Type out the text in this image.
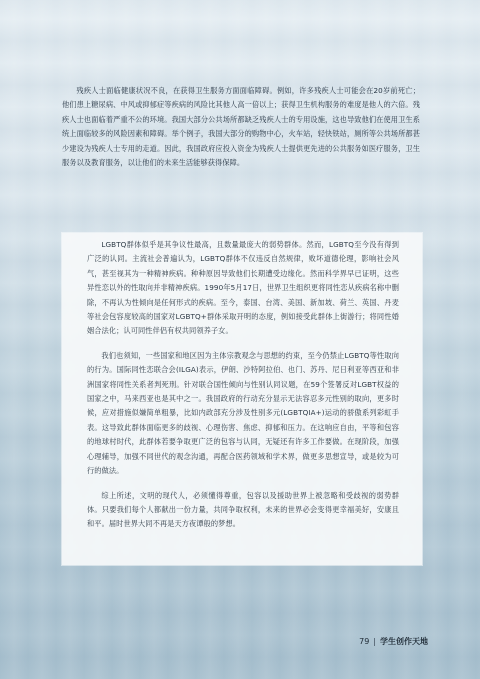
残疾人士面临健康状况不良，在获得卫生服务方面面临障碍。例如，许多残疾人士可能会在20岁前死亡；他们患上糖尿病、中风或抑郁症等疾病的风险比其他人高一倍以上；获得卫生机构服务的难度是他人的六倍。残疾人士也面临着严重不公的环境。我国大部分公共场所都缺乏残疾人士的专用设施，这也导致他们在使用卫生系统上面临较多的风险因素和障碍。举个例子，我国大部分的购物中心，火车站，轻快铁站，厕所等公共场所都甚少建设为残疾人士专用的走道。因此，我国政府应投入资金为残疾人士提供更先进的公共服务如医疗服务，卫生服务以及教育服务，以让他们的未来生活能够获得保障。

LGBTQ群体似乎是其争议性最高，且数量最庞大的弱势群体。然而，LGBTQ至今没有得到广泛的认同。主流社会普遍认为，LGBTQ群体不仅违反自然规律，败坏道德伦理，影响社会风气，甚至视其为一种精神疾病。种种原因导致他们长期遭受边缘化。然而科学界早已证明，这些异性恋以外的性取向并非精神疾病。1990年5月17日，世界卫生组织更将同性恋从疾病名称中删除，不再认为性倾向是任何形式的疾病。至今，泰国、台湾、美国、新加坡、荷兰、英国、丹麦等社会包容度较高的国家对LGBTQ+群体采取开明的态度，例如接受此群体上街游行；将同性婚姻合法化；认可同性伴侣有权共同领养子女。

我们也须知，一些国家和地区因为主体宗教观念与思想的约束，至今仍禁止LGBTQ等性取向的行为。国际同性恋联合会(ILGA)表示，伊朗、沙特阿拉伯、也门、苏丹、尼日利亚等西亚和非洲国家将同性关系者判死刑。针对联合国性倾向与性别认同议题，在59个签署反对LGBT权益的国家之中，马来西亚也是其中之一。我国政府的行动充分显示无法容忍多元性别的取向，更多时候，应对措施似嫌简单粗暴，比如内政部充分涉及性别多元(LGBTQIA+)运动的骄傲系列彩虹手表。这导致此群体面临更多的歧视、心理伤害、焦虑、抑郁和压力。在这响应自由，平等和包容的地球村时代，此群体若要争取更广泛的包容与认同，无疑还有许多工作要做。在现阶段，加强心理辅导，加强不同世代的观念沟通，再配合医药领域和学术界，做更多思想宣导，或是较为可行的做法。

综上所述，文明的现代人，必须懂得尊重，包容以及援助世界上被忽略和受歧视的弱势群体。只要我们每个人都献出一份力量，共同争取权利，未来的世界必会变得更幸福美好，安康且和平。届时世界大同不再是天方夜谭般的梦想。

79 | 学生创作天地
